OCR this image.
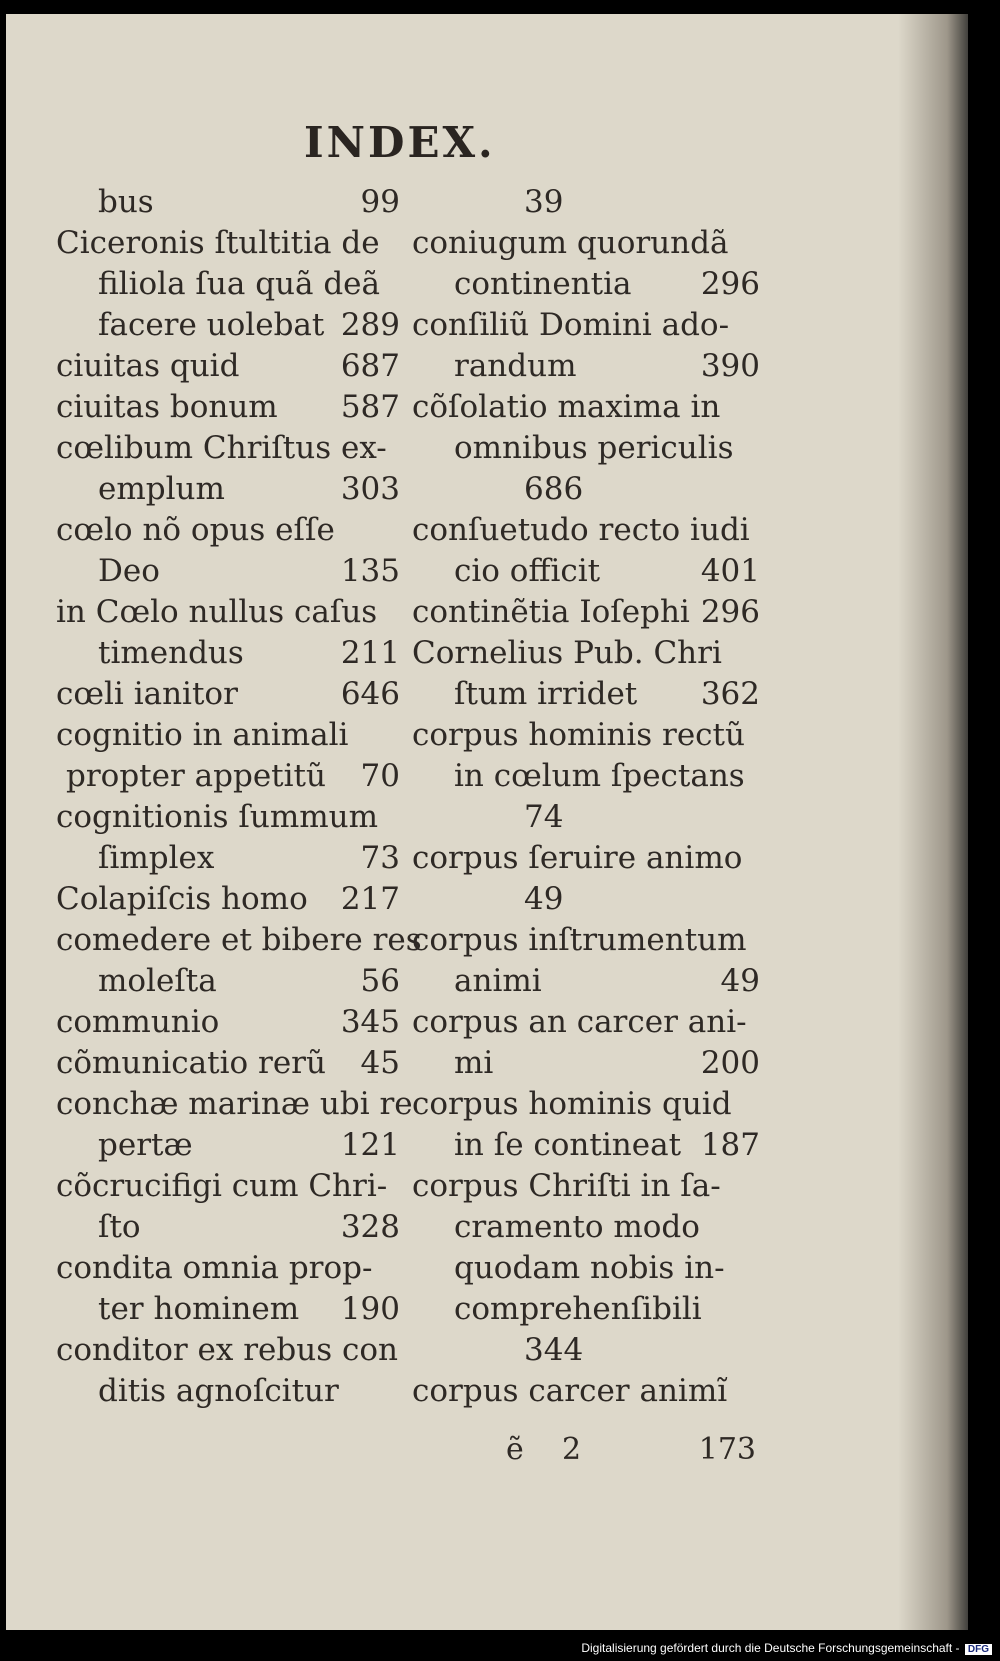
INDEX.
bus	99
Ciceronis ſtultitia de
filiola ſua quã deã
facere uolebat 289
ciuitas quid	687
ciuitas bonum 587
cœlibum Chriſtus ex-
emplum	303
cœlo nõ opus eſſe
Deo	135
in Cœlo nullus caſus
timendus	211
cœli ianitor	646
cognitio in animali
propter appetitũ 70
cognitionis ſummum
ſimplex	73
Colapiſcis homo 217
comedere et bibere res
moleſta	56
communio	345
cõmunicatio rerũ 45
conchæ marinæ ubi re
pertæ	121
cõcrucifigi cum Chri-
ſto	328
condita omnia prop-
ter hominem 190
conditor ex rebus con
ditis agnoſcitur
39
coniugum quorundã
continentia 296
conſiliũ Domini ado-
randum	390
cõſolatio maxima in
omnibus periculis
686
conſuetudo recto iudi
cio officit	401
continẽtia Ioſephi 296
Cornelius Pub. Chri
ſtum irridet 362
corpus hominis rectũ
in cœlum ſpectans
74
corpus ſeruire animo
49
corpus inſtrumentum
animi	49
corpus an carcer ani-
mi	200
corpus hominis quid
in ſe contineat 187
corpus Chriſti in ſa-
cramento modo
quodam nobis in-
comprehenſibili
344
corpus carcer animĩ
ẽ 2	173
Digitalisierung gefördert durch die Deutsche Forschungsgemeinschaft - DFG
